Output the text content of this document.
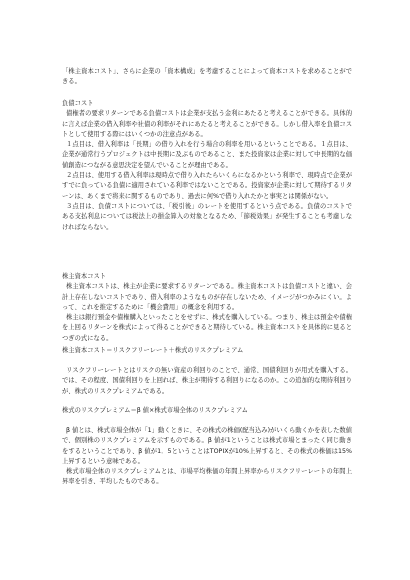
「株主資本コスト」、さらに企業の「資本構成」を考慮することによって資本コストを求めることができる。

負債コスト

債権者の要求リターンである負債コストは企業が支払う金利にあたると考えることができる。具体的に言えば企業の借入利率や社債の利率がそれにあたると考えることができる。しかし借入率を負債コストとして使用する際にはいくつかの注意点がある。

１点目は、借入利率は「長期」の借り入れを行う場合の利率を用いるということである。１点目は、企業が通常行うプロジェクトは中長期に及ぶものであること、また投資家は企業に対して中長期的な価値創造につながる意思決定を望んでいることが理由である。

２点目は、使用する借入利率は現時点で借り入れたらいくらになるかという利率で、現時点で企業がすでに負っている負債に適用されている利率ではないことである。投資家が企業に対して期待するリターンは、あくまで将来に関するものであり、過去に何%で借り入れたかと事実とは関係がない。

３点目は、負債コストについては、「税引後」のレートを使用するという点である。負債のコストである支払利息については税法上の損金算入の対象となるため、「節税効果」が発生することも考慮しなければならない。

株主資本コスト

株主資本コストは、株主が企業に要求するリターンである。株主資本コストは負債コストと違い、会計上存在しないコストであり、借入利率のようなものが存在しないため、イメージがつかみにくい。よって、これを推定するために「機会費用」の概念を利用する。

株主は銀行預金や債権購入といったことをせずに、株式を購入している。つまり、株主は預金や債権を上回るリターンを株式によって得ることができると期待している。株主資本コストを具体的に見るとつぎの式になる。

株主資本コスト＝リスクフリーレート＋株式のリスクプレミアム

リスクフリーレートとはリスクの無い資産の利回りのことで、通常、国債利回りが用式を購入する。では、その程度、国債利回りを上回れば、株主が期待する利回りになるのか。この追加的な期待利回りが、株式のリスクプレミアムである。

株式のリスクプレミアム＝β 値×株式市場全体のリスクプレミアム

β 値とは、株式市場全体が「1」動くときに、その株式の株価(配当込み)がいくら動くかを表した数値で、個別株のリスクプレミアムを示すものである。β 値が1ということは株式市場とまったく同じ動きをするということであり、β 値が1．5ということはTOPIXが10%上昇すると、その株式の株価は15%上昇するという意味である。

株式市場全体のリスクプレミアムとは、市場平均株価の年間上昇率からリスクフリーレートの年間上昇率を引き、平均したものである。
